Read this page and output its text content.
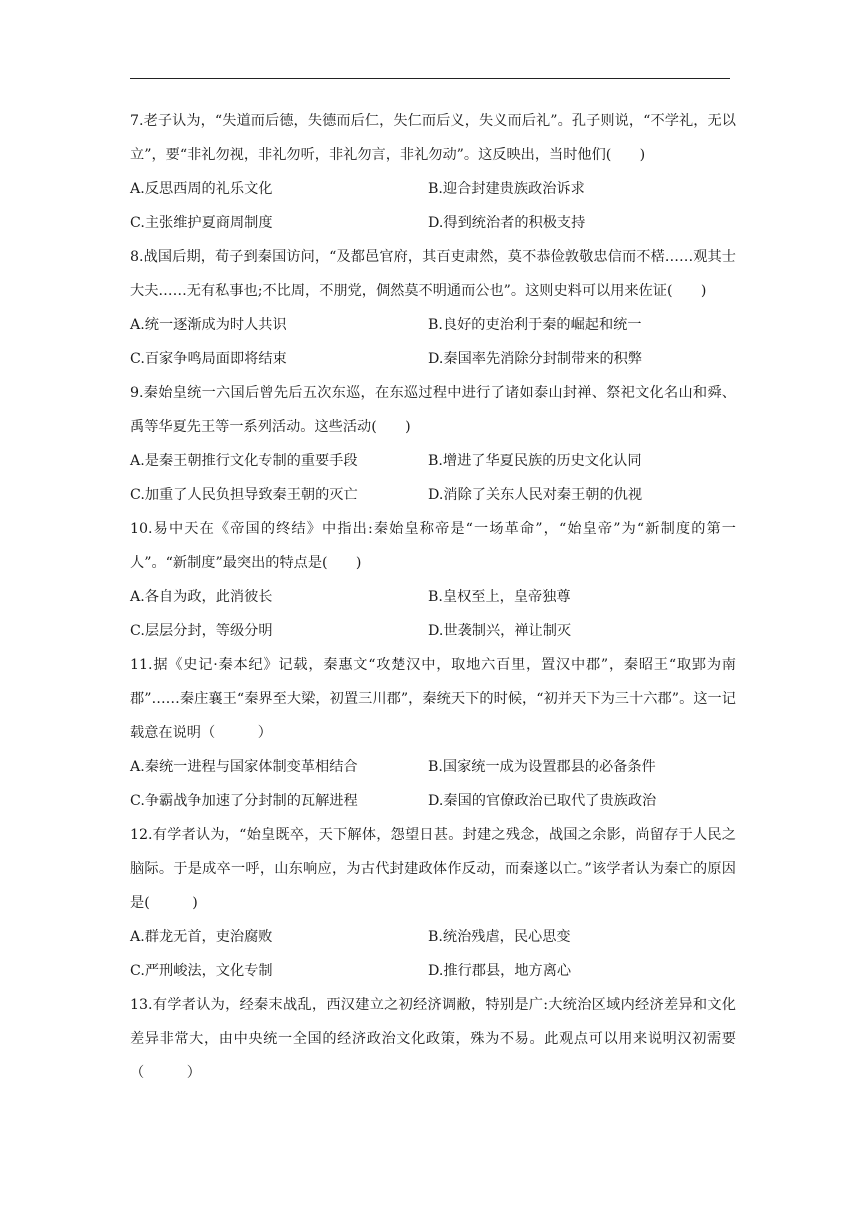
7.老子认为，“失道而后德，失德而后仁，失仁而后义，失义而后礼”。孔子则说，“不学礼，无以立”，要“非礼勿视，非礼勿听，非礼勿言，非礼勿动”。这反映出，当时他们(　　)

A.反思西周的礼乐文化	B.迎合封建贵族政治诉求
C.主张维护夏商周制度	D.得到统治者的积极支持

8.战国后期，荀子到秦国访问，“及都邑官府，其百吏肃然，莫不恭俭敦敬忠信而不楛……观其士大夫……无有私事也;不比周，不朋党，倜然莫不明通而公也”。这则史料可以用来佐证(　　)

A.统一逐渐成为时人共识	B.良好的吏治利于秦的崛起和统一
C.百家争鸣局面即将结束	D.秦国率先消除分封制带来的积弊

9.秦始皇统一六国后曾先后五次东巡，在东巡过程中进行了诸如泰山封禅、祭祀文化名山和舜、禹等华夏先王等一系列活动。这些活动(　　)

A.是秦王朝推行文化专制的重要手段	B.增进了华夏民族的历史文化认同
C.加重了人民负担导致秦王朝的灭亡	D.消除了关东人民对秦王朝的仇视

10.易中天在《帝国的终结》中指出:秦始皇称帝是“一场革命”，“始皇帝”为“新制度的第一人”。“新制度”最突出的特点是(　　)

A.各自为政，此消彼长	B.皇权至上，皇帝独尊
C.层层分封，等级分明	D.世袭制兴，禅让制灭

11.据《史记·秦本纪》记载，秦惠文“攻楚汉中，取地六百里，置汉中郡”，秦昭王“取郢为南郡”……秦庄襄王“秦界至大梁，初置三川郡”，秦统天下的时候，“初并天下为三十六郡”。这一记载意在说明（　　　）

A.秦统一进程与国家体制变革相结合	B.国家统一成为设置郡县的必备条件
C.争霸战争加速了分封制的瓦解进程	D.秦国的官僚政治已取代了贵族政治

12.有学者认为，“始皇既卒，天下解体，怨望日甚。封建之残念，战国之余影，尚留存于人民之脑际。于是成卒一呼，山东响应，为古代封建政体作反动，而秦遂以亡。”该学者认为秦亡的原因是(　　　)

A.群龙无首，吏治腐败	B.统治残虐，民心思变
C.严刑峻法，文化专制	D.推行郡县，地方离心

13.有学者认为，经秦末战乱，西汉建立之初经济调敝，特别是广:大统治区域内经济差异和文化差异非常大，由中央统一全国的经济政治文化政策，殊为不易。此观点可以用来说明汉初需要（　　　）
